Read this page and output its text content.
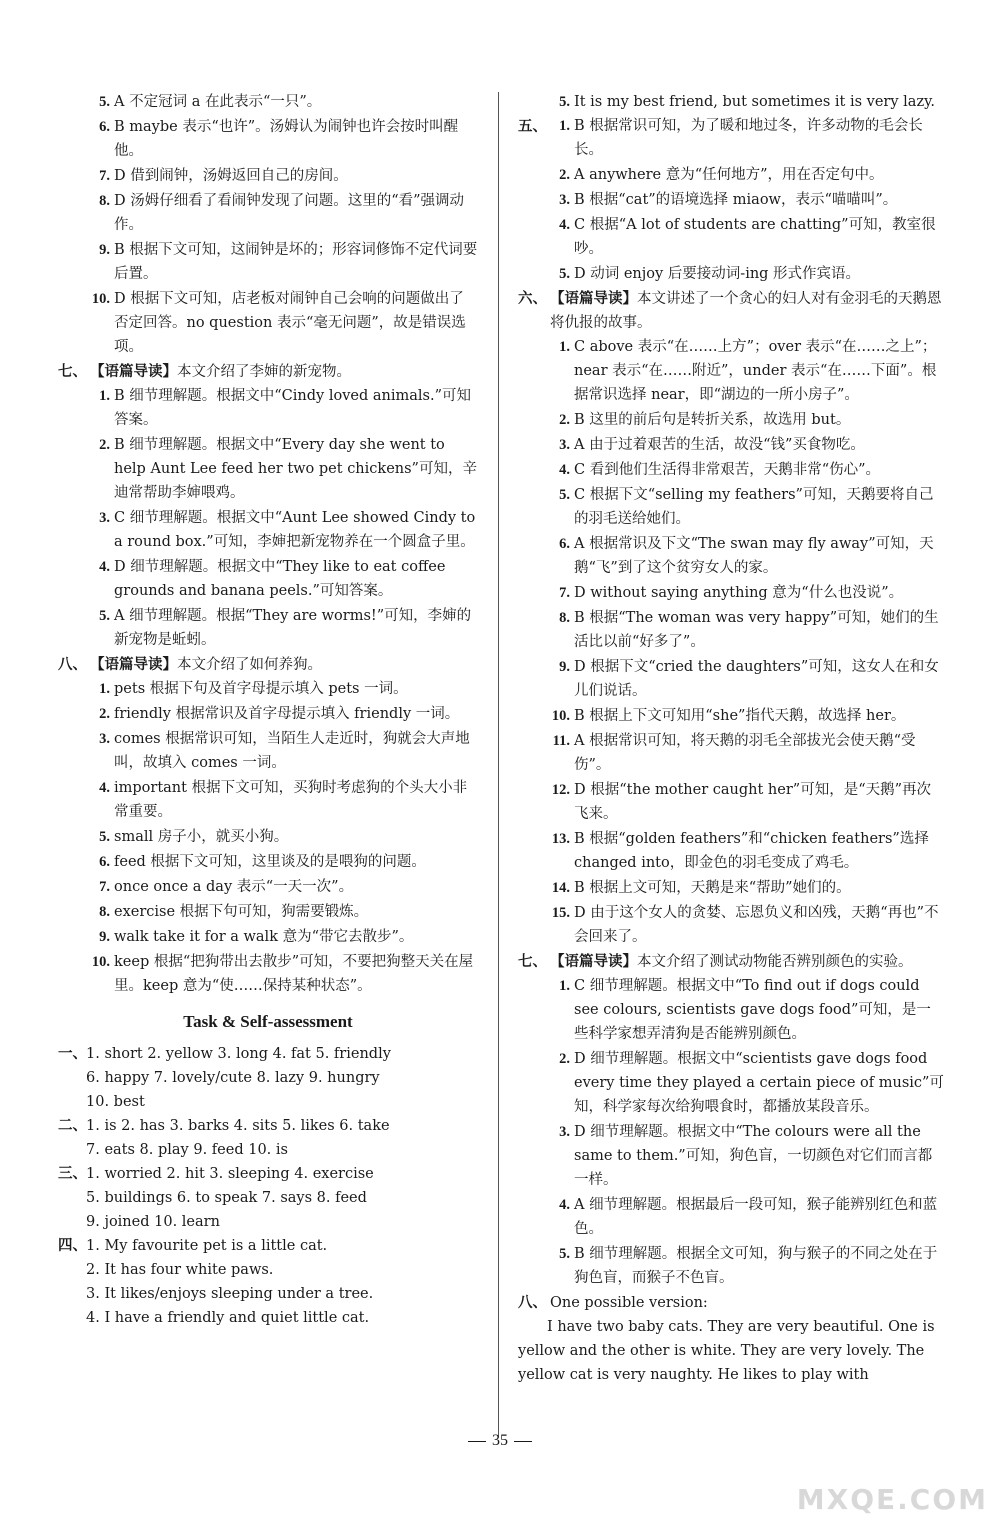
5. A 不定冠词 a 在此表示“一只”。
6. B maybe 表示“也许”。汤姆认为闹钟也许会按时叫醒他。
7. D 借到闹钟，汤姆返回自己的房间。
8. D 汤姆仔细看了看闹钟发现了问题。这里的“看”强调动作。
9. B 根据下文可知，这闹钟是坏的；形容词修饰不定代词要后置。
10. D 根据下文可知，店老板对闹钟自己会响的问题做出了否定回答。no question 表示“毫无问题”，故是错误选项。
七、 【语篇导读】本文介绍了李婶的新宠物。
1. B 细节理解题。根据文中“Cindy loved animals.”可知答案。
2. B 细节理解题。根据文中“Every day she went to help Aunt Lee feed her two pet chickens”可知，辛迪常帮助李婶喂鸡。
3. C 细节理解题。根据文中“Aunt Lee showed Cindy to a round box.”可知，李婶把新宠物养在一个圆盒子里。
4. D 细节理解题。根据文中“They like to eat coffee grounds and banana peels.”可知答案。
5. A 细节理解题。根据“They are worms!”可知，李婶的新宠物是蚯蚓。
八、 【语篇导读】本文介绍了如何养狗。
1. pets 根据下句及首字母提示填入 pets 一词。
2. friendly 根据常识及首字母提示填入 friendly 一词。
3. comes 根据常识可知，当陌生人走近时，狗就会大声地叫，故填入 comes 一词。
4. important 根据下文可知，买狗时考虑狗的个头大小非常重要。
5. small 房子小，就买小狗。
6. feed 根据下文可知，这里谈及的是喂狗的问题。
7. once once a day 表示“一天一次”。
8. exercise 根据下句可知，狗需要锻炼。
9. walk take it for a walk 意为“带它去散步”。
10. keep 根据“把狗带出去散步”可知，不要把狗整天关在屋里。keep 意为“使……保持某种状态”。
Task & Self-assessment
一、 1. short 2. yellow 3. long 4. fat 5. friendly
6. happy 7. lovely/cute 8. lazy 9. hungry
10. best
二、 1. is 2. has 3. barks 4. sits 5. likes 6. take
7. eats 8. play 9. feed 10. is
三、 1. worried 2. hit 3. sleeping 4. exercise
5. buildings 6. to speak 7. says 8. feed
9. joined 10. learn
四、 1. My favourite pet is a little cat.
2. It has four white paws.
3. It likes/enjoys sleeping under a tree.
4. I have a friendly and quiet little cat.
5. It is my best friend, but sometimes it is very lazy.
五、 1. B 根据常识可知，为了暖和地过冬，许多动物的毛会长长。
2. A anywhere 意为“任何地方”，用在否定句中。
3. B 根据“cat”的语境选择 miaow，表示“喵喵叫”。
4. C 根据“A lot of students are chatting”可知，教室很吵。
5. D 动词 enjoy 后要接动词-ing 形式作宾语。
六、 【语篇导读】本文讲述了一个贪心的妇人对有金羽毛的天鹅恩将仇报的故事。
1. C above 表示“在……上方”；over 表示“在……之上”；near 表示“在……附近”，under 表示“在……下面”。根据常识选择 near，即“湖边的一所小房子”。
2. B 这里的前后句是转折关系，故选用 but。
3. A 由于过着艰苦的生活，故没“钱”买食物吃。
4. C 看到他们生活得非常艰苦，天鹅非常“伤心”。
5. C 根据下文“selling my feathers”可知，天鹅要将自己的羽毛送给她们。
6. A 根据常识及下文“The swan may fly away”可知，天鹅“飞”到了这个贫穷女人的家。
7. D without saying anything 意为“什么也没说”。
8. B 根据“The woman was very happy”可知，她们的生活比以前“好多了”。
9. D 根据下文“cried the daughters”可知，这女人在和女儿们说话。
10. B 根据上下文可知用“she”指代天鹅，故选择 her。
11. A 根据常识可知，将天鹅的羽毛全部拔光会使天鹅“受伤”。
12. D 根据“the mother caught her”可知，是“天鹅”再次飞来。
13. B 根据“golden feathers”和“chicken feathers”选择 changed into，即金色的羽毛变成了鸡毛。
14. B 根据上文可知，天鹅是来“帮助”她们的。
15. D 由于这个女人的贪婪、忘恩负义和凶残，天鹅“再也”不会回来了。
七、 【语篇导读】本文介绍了测试动物能否辨别颜色的实验。
1. C 细节理解题。根据文中“To find out if dogs could see colours, scientists gave dogs food”可知，是一些科学家想弄清狗是否能辨别颜色。
2. D 细节理解题。根据文中“scientists gave dogs food every time they played a certain piece of music”可知，科学家每次给狗喂食时，都播放某段音乐。
3. D 细节理解题。根据文中“The colours were all the same to them.”可知，狗色盲，一切颜色对它们而言都一样。
4. A 细节理解题。根据最后一段可知，猴子能辨别红色和蓝色。
5. B 细节理解题。根据全文可知，狗与猴子的不同之处在于狗色盲，而猴子不色盲。
八、 One possible version:
I have two baby cats. They are very beautiful. One is yellow and the other is white. They are very lovely. The yellow cat is very naughty. He likes to play with
35
MXQE.COM
